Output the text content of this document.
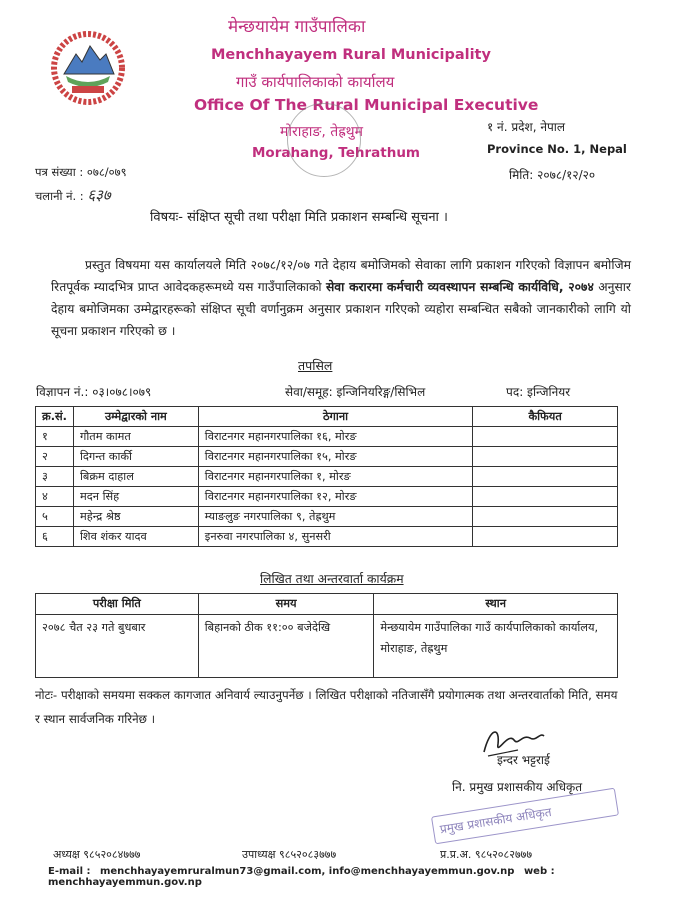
मेन्छयायेम गाउँपालिका
Menchhayayem Rural Municipality
गाउँ कार्यपालिकाको कार्यालय
Office Of The Rural Municipal Executive
मोराहाङ, तेह्रथुम
Morahang, Tehrathum
१ नं. प्रदेश, नेपाल
Province No. 1, Nepal
मिति: २०७८/१२/२०
पत्र संख्या : ०७८/०७९
चलानी नं. : ६३७
विषयः- संक्षिप्त सूची तथा परीक्षा मिति प्रकाशन सम्बन्धि सूचना ।

प्रस्तुत विषयमा यस कार्यालयले मिति २०७८/१२/०७ गते देहाय बमोजिमको सेवाका लागि प्रकाशन गरिएको विज्ञापन बमोजिम रितपूर्वक म्यादभित्र प्राप्त आवेदकहरूमध्ये यस गाउँपालिकाको सेवा करारमा कर्मचारी व्यवस्थापन सम्बन्धि कार्यविधि, २०७४ अनुसार देहाय बमोजिमका उम्मेद्वारहरूको संक्षिप्त सूची वर्णानुक्रम अनुसार प्रकाशन गरिएको व्यहोरा सम्बन्धित सबैको जानकारीको लागि यो सूचना प्रकाशन गरिएको छ ।

तपसिल
विज्ञापन नं.: ०३।०७८।०७९	सेवा/समूह: इन्जिनियरिङ्ग/सिभिल	पद: इन्जिनियर
क्र.सं.	उम्मेद्वारको नाम	ठेगाना	कैफियत
१	गौतम कामत	विराटनगर महानगरपालिका १६, मोरङ	
२	दिगन्त कार्की	विराटनगर महानगरपालिका १५, मोरङ	
३	बिक्रम दाहाल	विराटनगर महानगरपालिका १, मोरङ	
४	मदन सिंह	विराटनगर महानगरपालिका १२, मोरङ	
५	महेन्द्र श्रेष्ठ	म्याङलुङ नगरपालिका ९, तेह्रथुम	
६	शिव शंकर यादव	इनरुवा नगरपालिका ४, सुनसरी	
लिखित तथा अन्तरवार्ता कार्यक्रम
परीक्षा मिति	समय	स्थान
२०७८ चैत २३ गते बुधबार	बिहानको ठीक ११:०० बजेदेखि	मेन्छयायेम गाउँपालिका गाउँ कार्यपालिकाको कार्यालय, मोराहाङ, तेह्रथुम
नोटः- परीक्षाको समयमा सक्कल कागजात अनिवार्य ल्याउनुपर्नेछ । लिखित परीक्षाको नतिजासँगै प्रयोगात्मक तथा अन्तरवार्ताको मिति, समय र स्थान सार्वजनिक गरिनेछ ।
इन्दर भट्टराई
नि. प्रमुख प्रशासकीय अधिकृत
प्रमुख प्रशासकीय अधिकृत
अध्यक्ष ९८५२०८४७७७	उपाध्यक्ष ९८५२०८३७७७	प्र.प्र.अ. ९८५२०८२७७७
E-mail : menchhayayemruralmun73@gmail.com, info@menchhayayemmun.gov.np web : menchhayayemmun.gov.np
